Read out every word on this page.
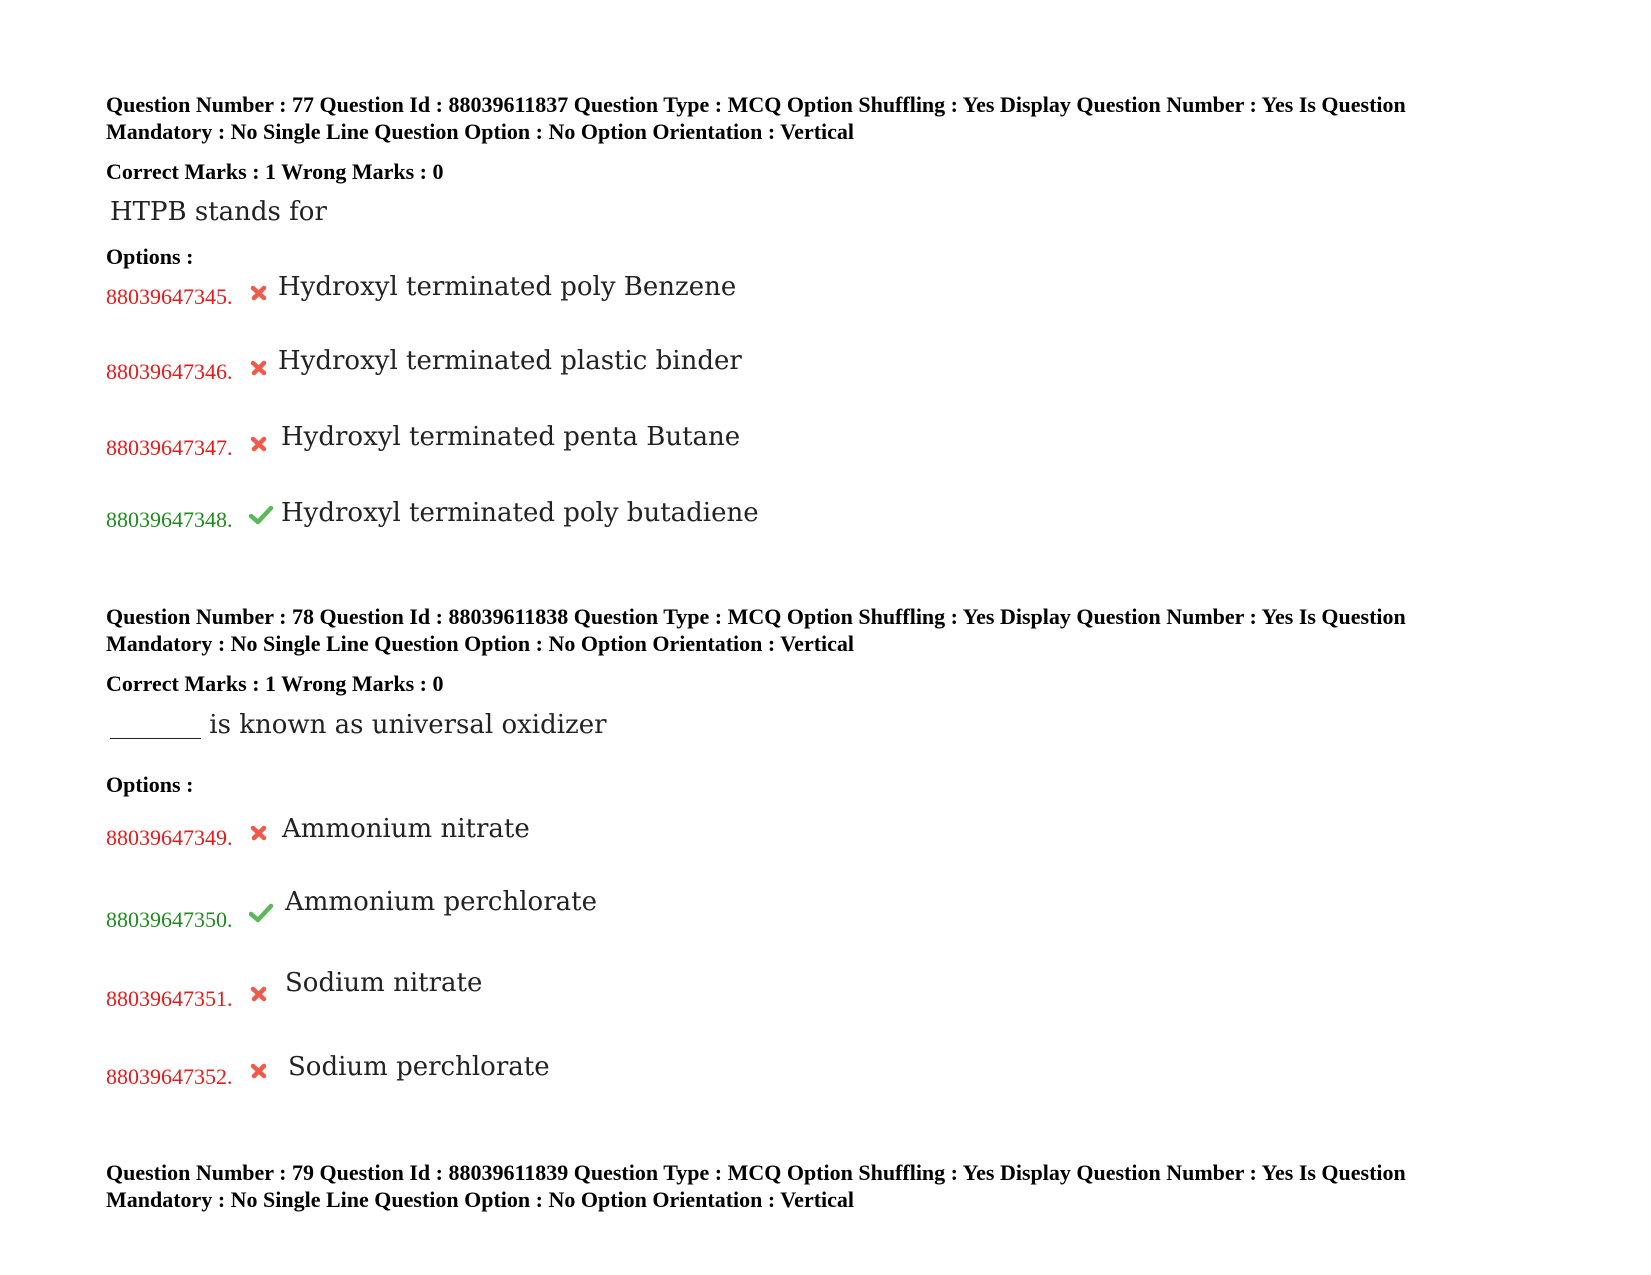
Question Number : 77 Question Id : 88039611837 Question Type : MCQ Option Shuffling : Yes Display Question Number : Yes Is Question
Mandatory : No Single Line Question Option : No Option Orientation : Vertical
Correct Marks : 1 Wrong Marks : 0
HTPB stands for
Options :
88039647345. Hydroxyl terminated poly Benzene
88039647346. Hydroxyl terminated plastic binder
88039647347. Hydroxyl terminated penta Butane
88039647348. Hydroxyl terminated poly butadiene
Question Number : 78 Question Id : 88039611838 Question Type : MCQ Option Shuffling : Yes Display Question Number : Yes Is Question
Mandatory : No Single Line Question Option : No Option Orientation : Vertical
Correct Marks : 1 Wrong Marks : 0
_______ is known as universal oxidizer
Options :
88039647349. Ammonium nitrate
88039647350.
Ammonium perchlorate
88039647351.
Sodium nitrate
88039647352. Sodium perchlorate
Question Number : 79 Question Id : 88039611839 Question Type : MCQ Option Shuffling : Yes Display Question Number : Yes Is Question
Mandatory : No Single Line Question Option : No Option Orientation : Vertical
